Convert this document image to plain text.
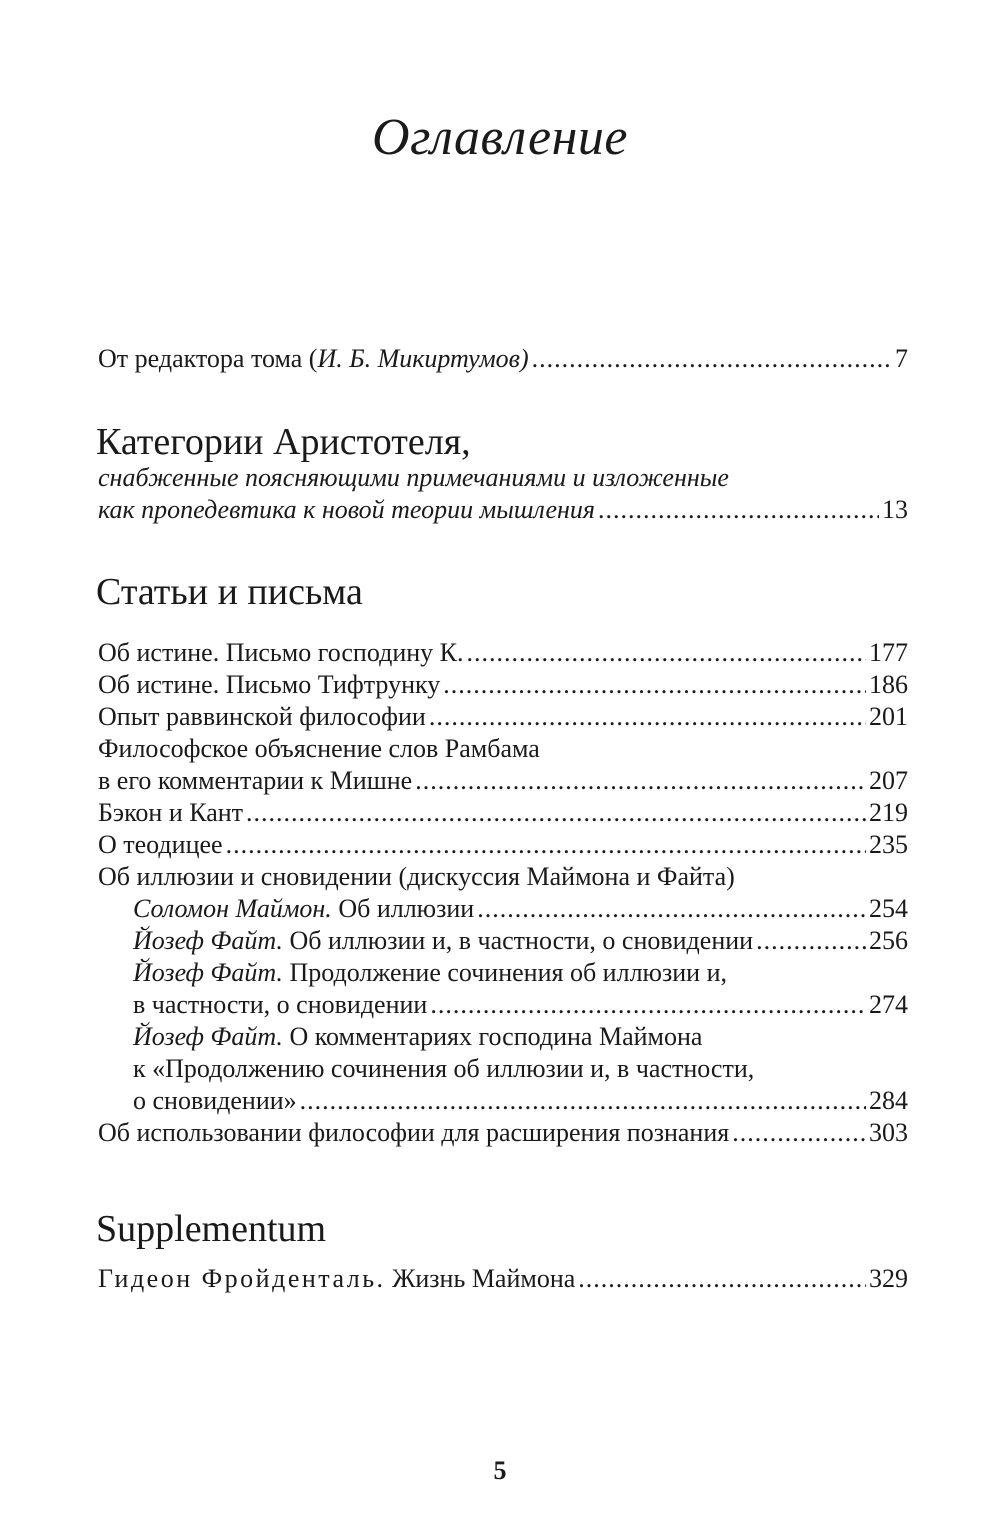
Оглавление
От редактора тома (И. Б. Микиртумов) .....	7
Категории Аристотеля,
снабженные поясняющими примечаниями и изложенные
как пропедевтика к новой теории мышления .....	13
Статьи и письма
Об истине. Письмо господину К. .....	177
Об истине. Письмо Тифтрунку .....	186
Опыт раввинской философии .....	201
Философское объяснение слов Рамбама
в его комментарии к Мишне .....	207
Бэкон и Кант .....	219
О теодицее .....	235
Об иллюзии и сновидении (дискуссия Маймона и Файта)
Соломон Маймон. Об иллюзии .....	254
Йозеф Файт. Об иллюзии и, в частности, о сновидении .....	256
Йозеф Файт. Продолжение сочинения об иллюзии и,
в частности, о сновидении .....	274
Йозеф Файт. О комментариях господина Маймона
к «Продолжению сочинения об иллюзии и, в частности,
о сновидении» .....	284
Об использовании философии для расширения познания .....	303
Supplementum
Гидеон Фройденталь. Жизнь Маймона .....	329
5
